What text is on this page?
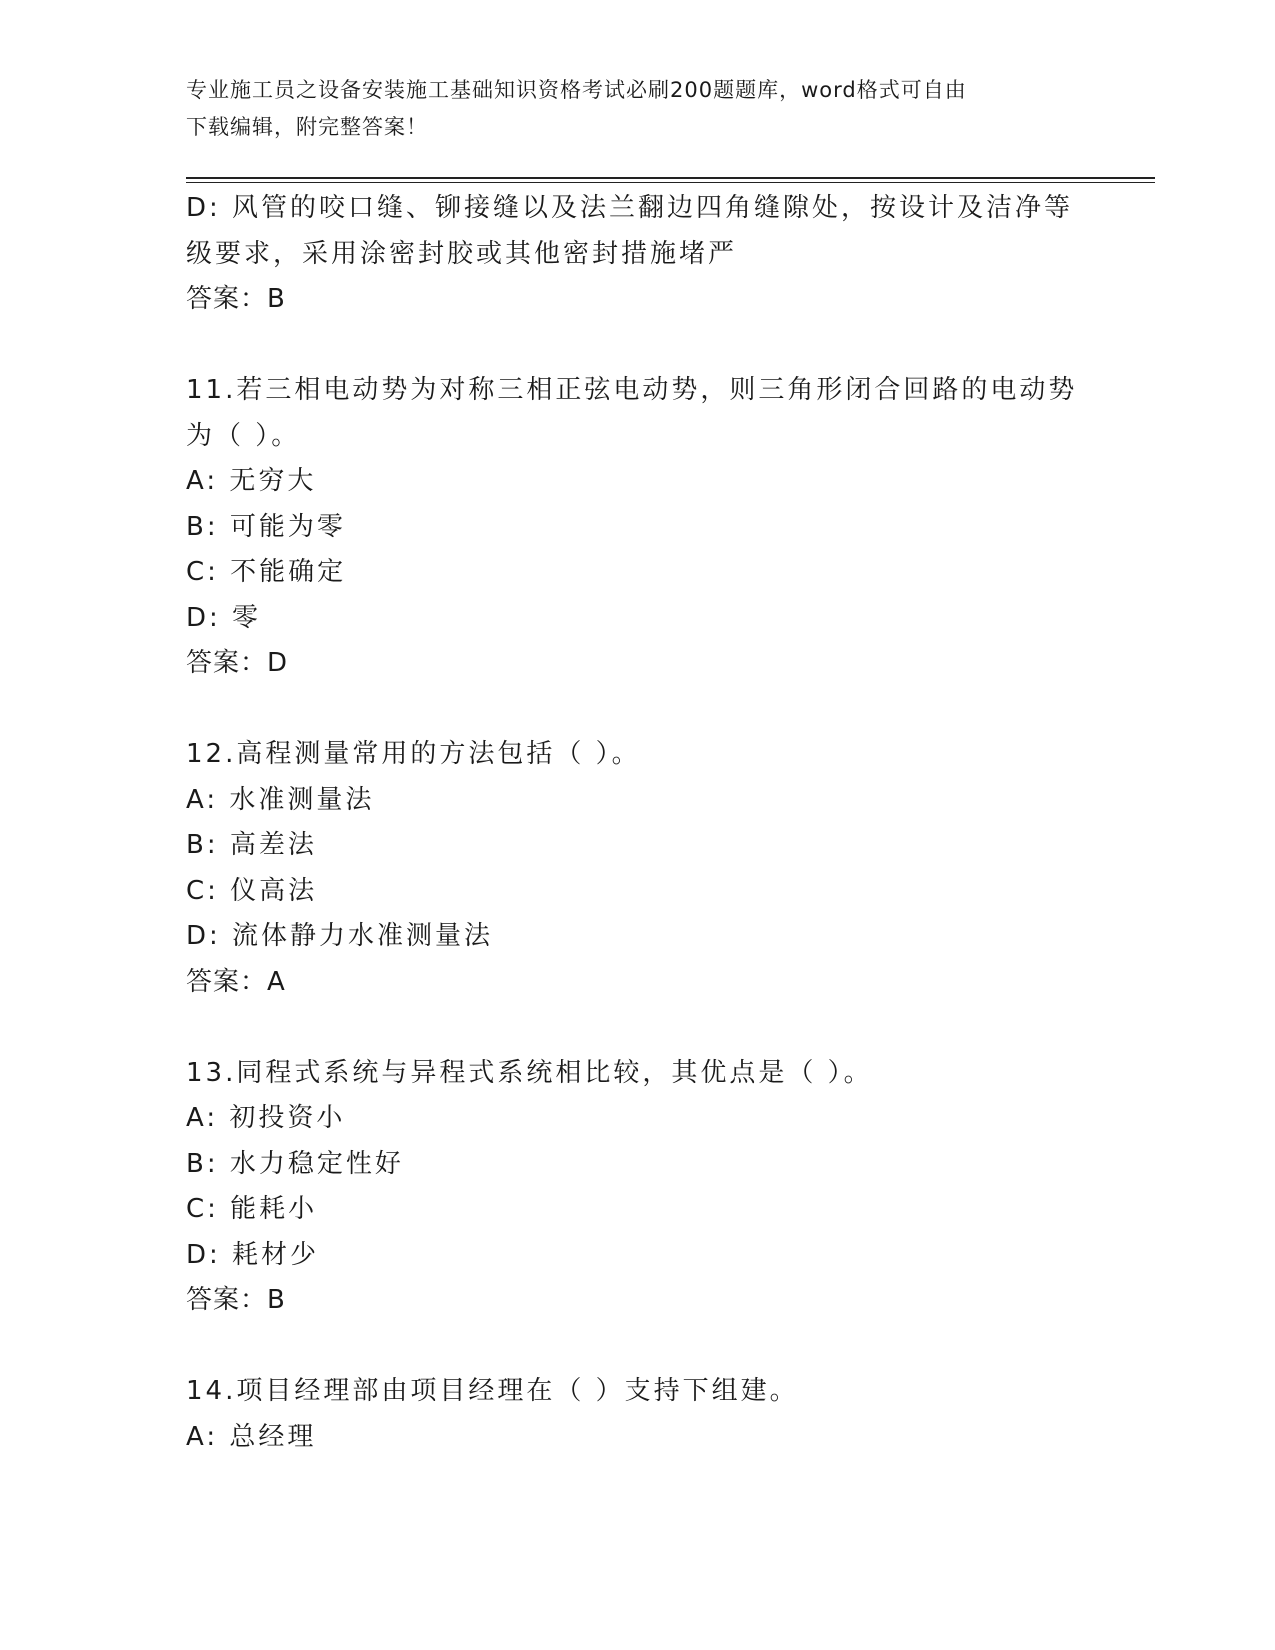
专业施工员之设备安装施工基础知识资格考试必刷200题题库，word格式可自由
下载编辑，附完整答案！
D: 风管的咬口缝、铆接缝以及法兰翻边四角缝隙处，按设计及洁净等
级要求，采用涂密封胶或其他密封措施堵严
答案：B
11.若三相电动势为对称三相正弦电动势，则三角形闭合回路的电动势
为（ ）。
A: 无穷大
B: 可能为零
C: 不能确定
D: 零
答案：D
12.高程测量常用的方法包括（ ）。
A: 水准测量法
B: 高差法
C: 仪高法
D: 流体静力水准测量法
答案：A
13.同程式系统与异程式系统相比较，其优点是（ ）。
A: 初投资小
B: 水力稳定性好
C: 能耗小
D: 耗材少
答案：B
14.项目经理部由项目经理在（ ）支持下组建。
A: 总经理
